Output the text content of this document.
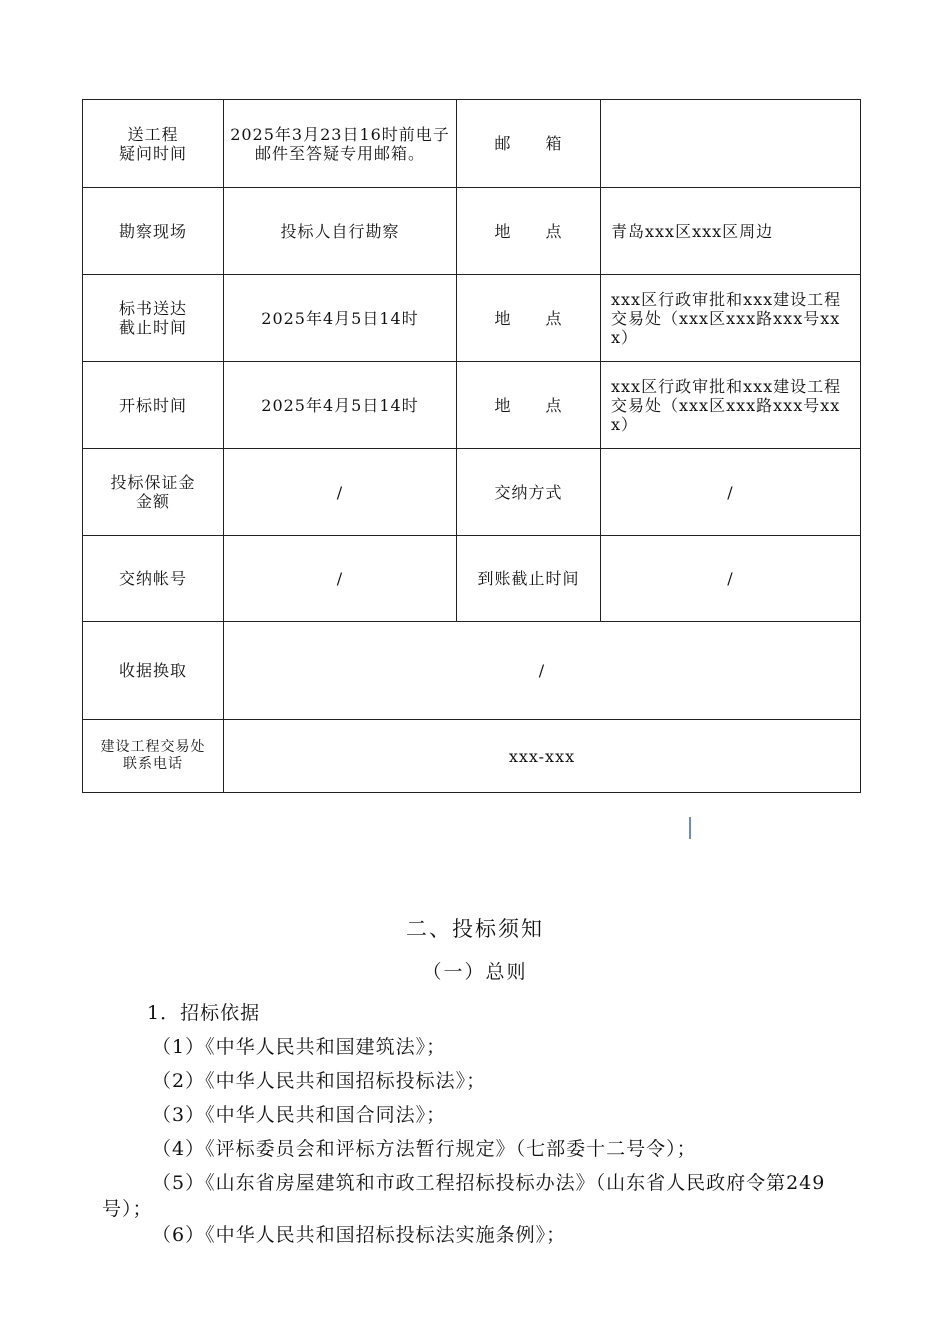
送工程
疑问时间	2025年3月23日16时前电子邮件至答疑专用邮箱。	邮　　箱	
勘察现场	投标人自行勘察	地　　点	青岛xxx区xxx区周边

标书送达
截止时间	2025年4月5日14时	地　　点	xxx区行政审批和xxx建设工程交易处（xxx区xxx路xxx号xxx）
开标时间	2025年4月5日14时	地　　点	xxx区行政审批和xxx建设工程交易处（xxx区xxx路xxx号xxx）

投标保证金
金额	/	交纳方式	/
交纳帐号	/	到账截止时间	/
收据换取	/		

建设工程交易处
联系电话	xxx-xxx		
二、投标须知
（一）总则

1．招标依据

（1）《中华人民共和国建筑法》；

（2）《中华人民共和国招标投标法》；

（3）《中华人民共和国合同法》；

（4）《评标委员会和评标方法暂行规定》（七部委十二号令）；

（5）《山东省房屋建筑和市政工程招标投标办法》（山东省人民政府令第249号）；

（6）《中华人民共和国招标投标法实施条例》；
